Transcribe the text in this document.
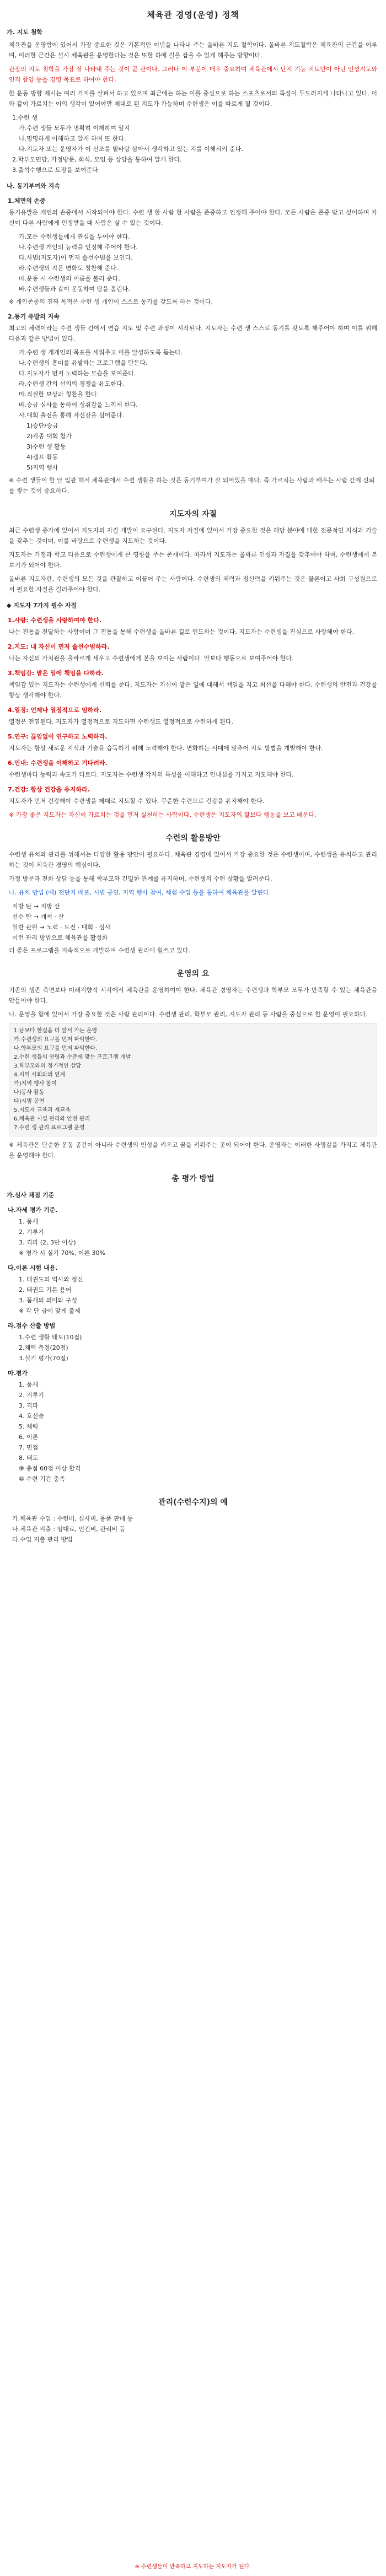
체육관 경영(운영) 정책
가. 지도 철학
체육관을 운영함에 있어서 가장 중요한 것은 기본적인 이념을 나타내 주는 올바른 지도 철학이다. 올바른 지도철학은 체육관의 근간을 이루며, 이러한 근간은 설시 체육관을 운영한다는 것은 또한 하에 길을 잡을 수 있게 해주는 방향이다.
관장의 지도 철학을 가장 잘 나타내 주는 것이 곧 관이다. 그러나 이 부분이 매우 중요하며 체육관에서 단지 기능 지도만이 아닌 인성지도와 인격 함양 등을 경영 목표로 하여야 한다.
한 운동 방향 제시는 여러 가지를 살펴서 하고 있으며 최근에는 하는 이를 중심으로 하는 스포츠로서의 특성이 두드러지게 나타나고 있다. 이와 같이 가르치는 이의 생각이 있어야만 제대로 된 지도가 가능하며 수련생은 이를 따르게 될 것이다.
1.수련 생
가.수련 생들 모두가 명확히 이해하여 알지
나.명명하게 이해하고 알게 하며 또 한다.
다.지도자 또는 운영자가 이 신조를 밑바탕 삼아서 생각하고 있는 지를 이해시켜 준다.
2.학부모면담, 가정방문, 회식, 모임 등 상담을 통하여 알게 한다.
3.출석수행으로 도장을 보여준다.
나. 동기부여와 지속
1.체면의 손중
동기유발은 개인의 손중에서 시작되어야 한다. 수련 생 한 사람 한 사람을 존중하고 인정해 주어야 한다. 모든 사람은 존중 받고 싶어하며 자신이 다른 사람에게 인정받을 때 사람은 살 수 있는 것이다.
가.모든 수련생들에게 관심을 두어야 한다.
나.수련생 개인의 능력을 인정해 주어야 한다.
다.사범(지도자)이 먼저 솔선수범을 보인다.
라.수련생의 작은 변화도 칭찬해 준다.
마.운동 시 수련생의 이름을 불러 준다.
바.수련생들과 같이 운동하며 땀을 흘린다.
※ 개인존중의 진짜 목적은 수련 생 개인이 스스로 동기를 갖도록 하는 것이다.
2.동기 유발의 지속
최고의 체력이라는 수련 생들 간에서 연습 지도 및 수련 과정이 시작된다. 지도자는 수련 생 스스로 동기를 갖도록 해주어야 하며 이를 위해 다음과 같은 방법이 있다.
가.수련 생 개개인의 목표를 세워주고 이를 달성하도록 돕는다.
나.수련생의 흥미를 유발하는 프로그램을 만든다.
다.지도자가 먼저 노력하는 모습을 보여준다.
라.수련생 간의 선의의 경쟁을 유도한다.
마.적절한 보상과 칭찬을 한다.
바.승급 심사를 통하여 성취감을 느끼게 한다.
사.대회 출전을 통해 자신감을 심어준다.
1)승단/승급
2)각종 대회 참가
3)수련 생 활동
4)캠프 활동
5)지역 행사
※ 수련 생들이 한 달 입관 해서 체육관에서 수련 생활을 하는 것은 동기부여가 잘 되어있을 때다. 즉 가르치는 사람과 배우는 사람 간에 신뢰를 쌓는 것이 중요하다.
지도자의 자질
최근 수련생 증가에 있어서 지도자의 자질 개발이 요구된다. 지도자 자질에 있어서 가장 중요한 것은 해당 분야에 대한 전문적인 지식과 기술을 갖추는 것이며, 이를 바탕으로 수련생을 지도하는 것이다.
지도자는 가정과 학교 다음으로 수련생에게 큰 영향을 주는 존재이다. 따라서 지도자는 올바른 인성과 자질을 갖추어야 하며, 수련생에게 본보기가 되어야 한다.
올바른 지도자란, 수련생의 모든 것을 관찰하고 이끌어 주는 사람이다. 수련생의 체력과 정신력을 키워주는 것은 물론이고 사회 구성원으로서 필요한 자질을 길러주어야 한다.
◆ 지도자 7가지 필수 자질
1.사랑: 수련생을 사랑하여야 한다.
나는 전통을 전달하는 사람이며 그 전통을 통해 수련생을 올바른 길로 인도하는 것이다. 지도자는 수련생을 진심으로 사랑해야 한다.
2.지도: 내 자신이 먼저 솔선수범하라.
나는 자신의 가치관을 올바르게 세우고 수련생에게 본을 보이는 사람이다. 말보다 행동으로 보여주어야 한다.
3.책임감: 맡은 일에 책임을 다하라.
책임감 있는 지도자는 수련생에게 신뢰를 준다. 지도자는 자신이 맡은 일에 대해서 책임을 지고 최선을 다해야 한다. 수련생의 안전과 건강을 항상 생각해야 한다.
4.열정: 언제나 열정적으로 임하라.
열정은 전염된다. 지도자가 열정적으로 지도하면 수련생도 열정적으로 수련하게 된다.
5.연구: 끊임없이 연구하고 노력하라.
지도자는 항상 새로운 지식과 기술을 습득하기 위해 노력해야 한다. 변화하는 시대에 맞추어 지도 방법을 개발해야 한다.
6.인내: 수련생을 이해하고 기다려라.
수련생마다 능력과 속도가 다르다. 지도자는 수련생 각자의 특성을 이해하고 인내심을 가지고 지도해야 한다.
7.건강: 항상 건강을 유지하라.
지도자가 먼저 건강해야 수련생을 제대로 지도할 수 있다. 꾸준한 수련으로 건강을 유지해야 한다.
※ 가장 좋은 지도자는 자신이 가르치는 것을 먼저 실천하는 사람이다. 수련생은 지도자의 말보다 행동을 보고 배운다.
수련의 활용방안
수련생 유치와 관리를 위해서는 다양한 활용 방안이 필요하다. 체육관 경영에 있어서 가장 중요한 것은 수련생이며, 수련생을 유치하고 관리하는 것이 체육관 경영의 핵심이다.
가정 방문과 전화 상담 등을 통해 학부모와 긴밀한 관계를 유지하며, 수련생의 수련 상황을 알려준다.
나. 유치 방법 (예) 전단지 배포, 시범 공연, 지역 행사 참여, 체험 수업 등을 통하여 체육관을 알린다.
지방 탄 → 지방 산
선수 탄 → 개척 · 산
일반 관원 → 노력 · 도전 · 대회 · 심사
이런 관리 방법으로 체육관을 활성화
더 좋은 프로그램을 지속적으로 개발하여 수련생 관리에 힘쓰고 있다.
운영의 요
기존의 생존 측면보다 미래지향적 시각에서 체육관을 운영하여야 한다. 체육관 경영자는 수련생과 학부모 모두가 만족할 수 있는 체육관을 만들어야 한다.
나. 운영을 함에 있어서 가장 중요한 것은 사람 관리이다. 수련생 관리, 학부모 관리, 지도자 관리 등 사람을 중심으로 한 운영이 필요하다.
1.남보다 한걸음 더 앞서 가는 운영
가.수련생의 요구를 먼저 파악한다.
나.학부모의 요구를 먼저 파악한다.
2.수련 생들의 연령과 수준에 맞는 프로그램 개발
3.학부모와의 정기적인 상담
4.지역 사회와의 연계
가)지역 행사 참여
나)봉사 활동
다)시범 공연
5.지도자 교육과 재교육
6.체육관 시설 관리와 안전 관리
7.수련 생 관리 프로그램 운영
※ 체육관은 단순한 운동 공간이 아니라 수련생의 인성을 키우고 꿈을 키워주는 곳이 되어야 한다. 운영자는 이러한 사명감을 가지고 체육관을 운영해야 한다.
총 평가 방법
가.심사 채점 기준
나.자세 평가 기준.
1. 품새
2. 겨루기
3. 격파 (2, 3단 이상)
※ 평가 시 실기 70%, 이론 30%
다.이론 시험 내용.
1. 태권도의 역사와 정신
2. 태권도 기본 용어
3. 품새의 의미와 구성
※ 각 단 급에 맞게 출제
라.점수 산출 방법
1.수련 생활 태도(10점)
2.체력 측정(20점)
3.실기 평가(70점)
마.평가
1. 품새
2. 겨루기
3. 격파
4. 호신술
5. 체력
6. 이론
7. 면접
8. 태도
⑨ 총점 60점 이상 합격
⑩ 수련 기간 충족
관리(수련수지)의 예
가.체육관 수입 : 수련비, 심사비, 용품 판매 등
나.체육관 지출 : 임대료, 인건비, 관리비 등
다.수입 지출 관리 방법
※ 수련생들이 만족하고 지도하는 지도자가 된다.
